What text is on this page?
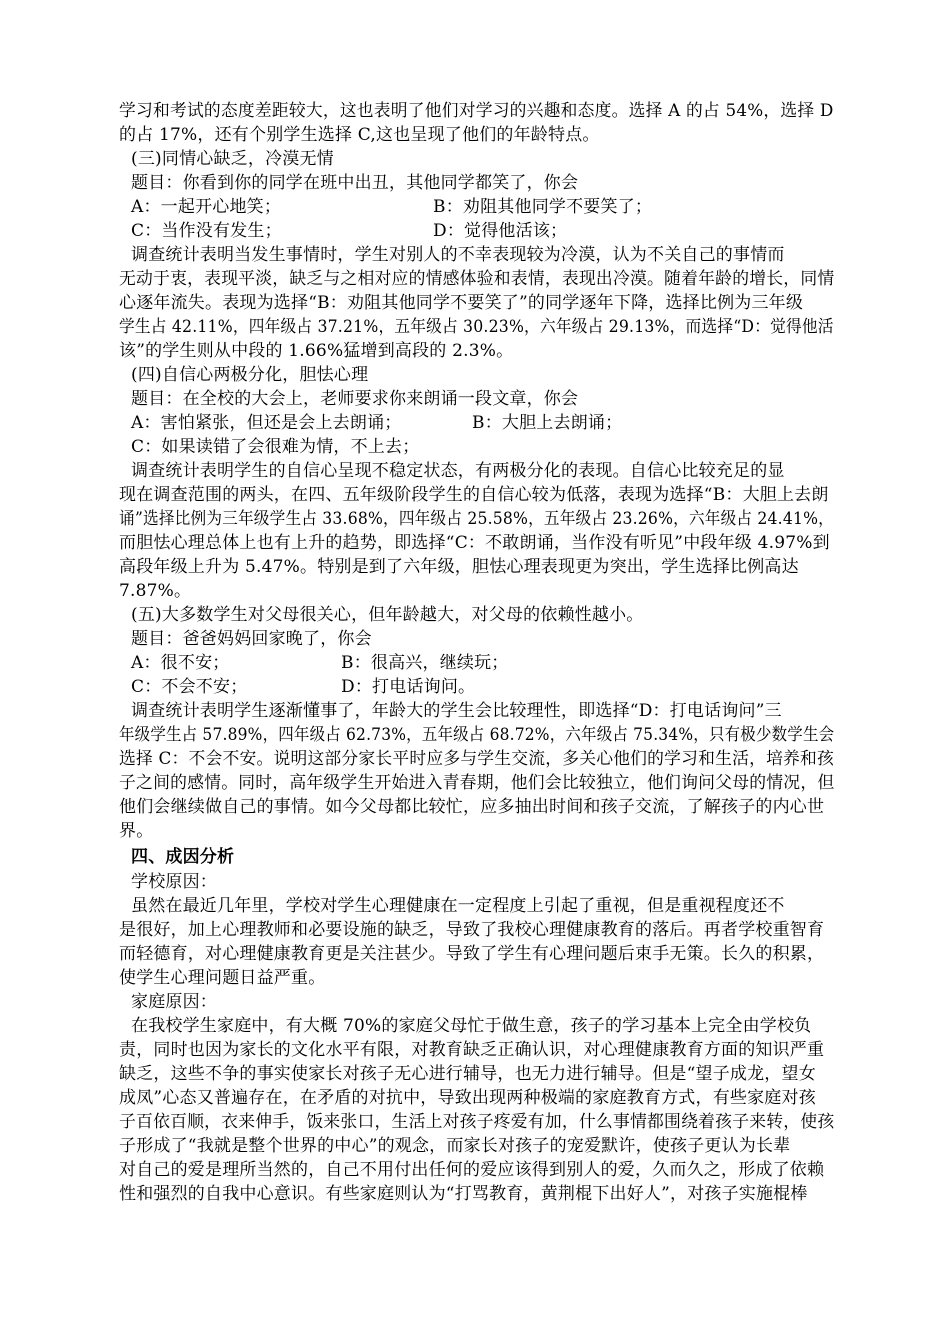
学习和考试的态度差距较大，这也表明了他们对学习的兴趣和态度。选择 A 的占 54%，选择 D
的占 17%，还有个别学生选择 C,这也呈现了他们的年龄特点。
(三)同情心缺乏，冷漠无情
题目：你看到你的同学在班中出丑，其他同学都笑了，你会
A：一起开心地笑；	B：劝阻其他同学不要笑了；
C：当作没有发生；	D：觉得他活该；
调查统计表明当发生事情时，学生对别人的不幸表现较为冷漠，认为不关自己的事情而
无动于衷，表现平淡，缺乏与之相对应的情感体验和表情，表现出冷漠。随着年龄的增长，同情
心逐年流失。表现为选择“B：劝阻其他同学不要笑了”的同学逐年下降，选择比例为三年级
学生占 42.11%，四年级占 37.21%，五年级占 30.23%，六年级占 29.13%，而选择“D：觉得他活
该”的学生则从中段的 1.66%猛增到高段的 2.3%。
(四)自信心两极分化，胆怯心理
题目：在全校的大会上，老师要求你来朗诵一段文章，你会
A：害怕紧张，但还是会上去朗诵；	B：大胆上去朗诵；
C：如果读错了会很难为情，不上去；
调查统计表明学生的自信心呈现不稳定状态，有两极分化的表现。自信心比较充足的显
现在调查范围的两头，在四、五年级阶段学生的自信心较为低落，表现为选择“B：大胆上去朗
诵”选择比例为三年级学生占 33.68%，四年级占 25.58%，五年级占 23.26%，六年级占 24.41%，
而胆怯心理总体上也有上升的趋势，即选择“C：不敢朗诵，当作没有听见”中段年级 4.97%到
高段年级上升为 5.47%。特别是到了六年级，胆怯心理表现更为突出，学生选择比例高达
7.87%。
(五)大多数学生对父母很关心，但年龄越大，对父母的依赖性越小。
题目：爸爸妈妈回家晚了，你会
A：很不安；	B：很高兴，继续玩；
C：不会不安；	D：打电话询问。
调查统计表明学生逐渐懂事了，年龄大的学生会比较理性，即选择“D：打电话询问”三
年级学生占 57.89%，四年级占 62.73%，五年级占 68.72%，六年级占 75.34%，只有极少数学生会
选择 C：不会不安。说明这部分家长平时应多与学生交流，多关心他们的学习和生活，培养和孩
子之间的感情。同时，高年级学生开始进入青春期，他们会比较独立，他们询问父母的情况，但
他们会继续做自己的事情。如今父母都比较忙，应多抽出时间和孩子交流，了解孩子的内心世
界。
四、成因分析
学校原因：
虽然在最近几年里，学校对学生心理健康在一定程度上引起了重视，但是重视程度还不
是很好，加上心理教师和必要设施的缺乏，导致了我校心理健康教育的落后。再者学校重智育
而轻德育，对心理健康教育更是关注甚少。导致了学生有心理问题后束手无策。长久的积累，
使学生心理问题日益严重。
家庭原因：
在我校学生家庭中，有大概 70%的家庭父母忙于做生意，孩子的学习基本上完全由学校负
责，同时也因为家长的文化水平有限，对教育缺乏正确认识，对心理健康教育方面的知识严重
缺乏，这些不争的事实使家长对孩子无心进行辅导，也无力进行辅导。但是“望子成龙，望女
成凤”心态又普遍存在，在矛盾的对抗中，导致出现两种极端的家庭教育方式，有些家庭对孩
子百依百顺，衣来伸手，饭来张口，生活上对孩子疼爱有加，什么事情都围绕着孩子来转，使孩
子形成了“我就是整个世界的中心”的观念，而家长对孩子的宠爱默许，使孩子更认为长辈
对自己的爱是理所当然的，自己不用付出任何的爱应该得到别人的爱，久而久之，形成了依赖
性和强烈的自我中心意识。有些家庭则认为“打骂教育，黄荆棍下出好人”，对孩子实施棍棒
